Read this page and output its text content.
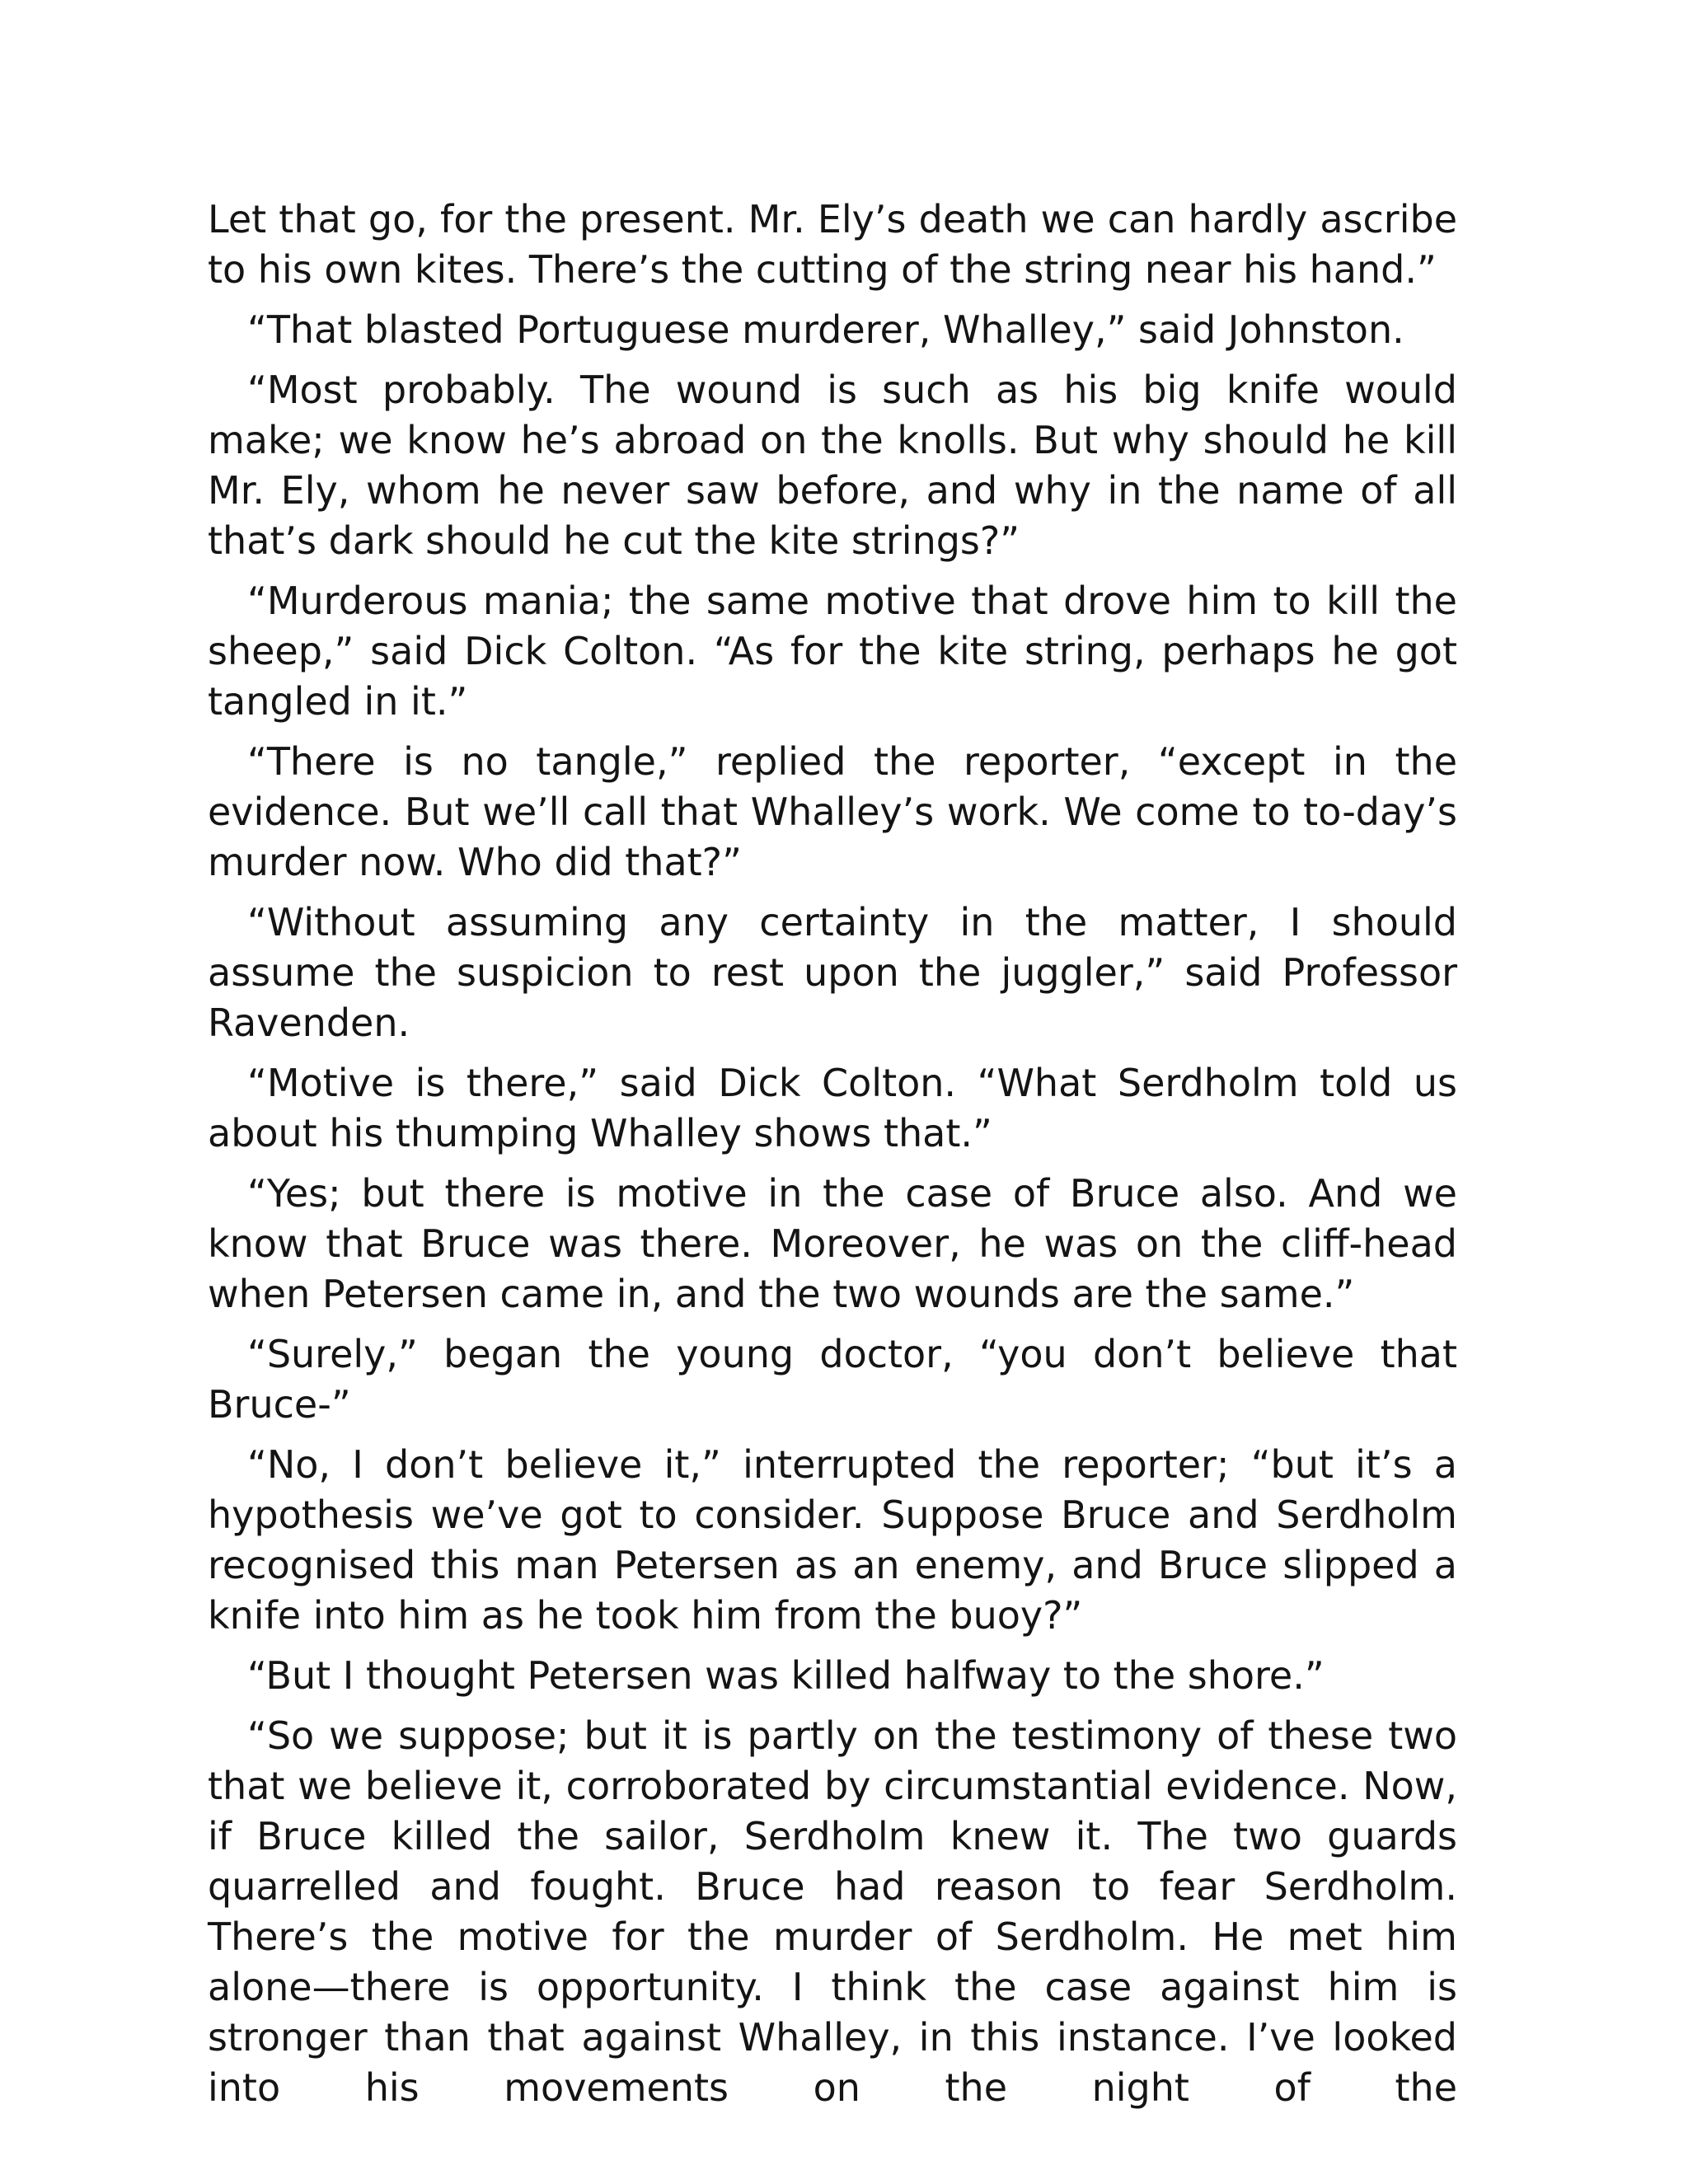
Let that go, for the present. Mr. Ely’s death we can hardly ascribe to his own kites. There’s the cutting of the string near his hand.”

“That blasted Portuguese murderer, Whalley,” said Johnston.

“Most probably. The wound is such as his big knife would make; we know he’s abroad on the knolls. But why should he kill Mr. Ely, whom he never saw before, and why in the name of all that’s dark should he cut the kite strings?”

“Murderous mania; the same motive that drove him to kill the sheep,” said Dick Colton. “As for the kite string, perhaps he got tangled in it.”

“There is no tangle,” replied the reporter, “except in the evidence. But we’ll call that Whalley’s work. We come to to-day’s murder now. Who did that?”

“Without assuming any certainty in the matter, I should assume the suspicion to rest upon the juggler,” said Professor Ravenden.

“Motive is there,” said Dick Colton. “What Serdholm told us about his thumping Whalley shows that.”

“Yes; but there is motive in the case of Bruce also. And we know that Bruce was there. Moreover, he was on the cliff-head when Petersen came in, and the two wounds are the same.”

“Surely,” began the young doctor, “you don’t believe that Bruce-”

“No, I don’t believe it,” interrupted the reporter; “but it’s a hypothesis we’ve got to consider. Suppose Bruce and Serdholm recognised this man Petersen as an enemy, and Bruce slipped a knife into him as he took him from the buoy?”

“But I thought Petersen was killed halfway to the shore.”

“So we suppose; but it is partly on the testimony of these two that we believe it, corroborated by circumstantial evidence. Now, if Bruce killed the sailor, Serdholm knew it. The two guards quarrelled and fought. Bruce had reason to fear Serdholm. There’s the motive for the murder of Serdholm. He met him alone—there is opportunity. I think the case against him is stronger than that against Whalley, in this instance. I’ve looked into his movements on the night of the
